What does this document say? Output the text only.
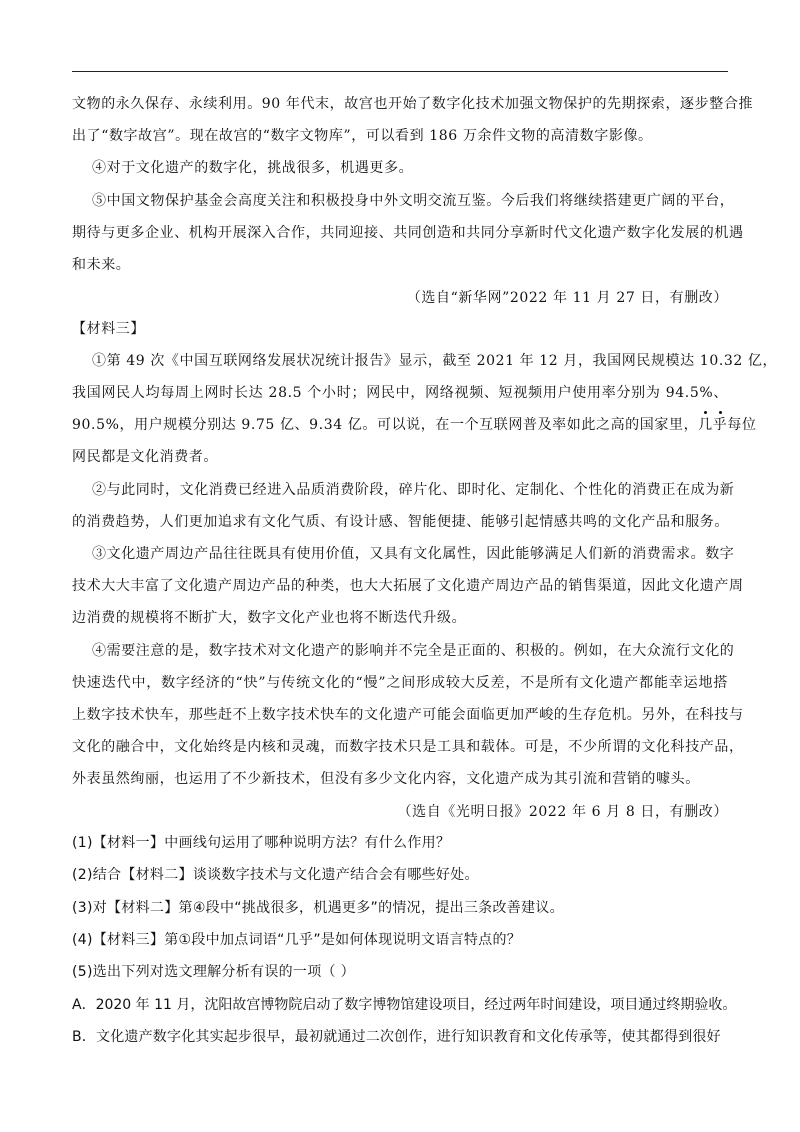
文物的永久保存、永续利用。90 年代末，故宫也开始了数字化技术加强文物保护的先期探索，逐步整合推
出了“数字故宫”。现在故宫的“数字文物库”，可以看到 186 万余件文物的高清数字影像。
④对于文化遗产的数字化，挑战很多，机遇更多。
⑤中国文物保护基金会高度关注和积极投身中外文明交流互鉴。今后我们将继续搭建更广阔的平台，
期待与更多企业、机构开展深入合作，共同迎接、共同创造和共同分享新时代文化遗产数字化发展的机遇
和未来。
（选自“新华网”2022 年 11 月 27 日，有删改）
【材料三】
①第 49 次《中国互联网络发展状况统计报告》显示，截至 2021 年 12 月，我国网民规模达 10.32 亿，
我国网民人均每周上网时长达 28.5 个小时；网民中，网络视频、短视频用户使用率分别为 94.5%、
90.5%，用户规模分别达 9.75 亿、9.34 亿。可以说，在一个互联网普及率如此之高的国家里，几乎每位
网民都是文化消费者。
②与此同时，文化消费已经进入品质消费阶段，碎片化、即时化、定制化、个性化的消费正在成为新
的消费趋势，人们更加追求有文化气质、有设计感、智能便捷、能够引起情感共鸣的文化产品和服务。
③文化遗产周边产品往往既具有使用价值，又具有文化属性，因此能够满足人们新的消费需求。数字
技术大大丰富了文化遗产周边产品的种类，也大大拓展了文化遗产周边产品的销售渠道，因此文化遗产周
边消费的规模将不断扩大，数字文化产业也将不断迭代升级。
④需要注意的是，数字技术对文化遗产的影响并不完全是正面的、积极的。例如，在大众流行文化的
快速迭代中，数字经济的“快”与传统文化的“慢”之间形成较大反差，不是所有文化遗产都能幸运地搭
上数字技术快车，那些赶不上数字技术快车的文化遗产可能会面临更加严峻的生存危机。另外，在科技与
文化的融合中，文化始终是内核和灵魂，而数字技术只是工具和载体。可是，不少所谓的文化科技产品，
外表虽然绚丽，也运用了不少新技术，但没有多少文化内容，文化遗产成为其引流和营销的噱头。
（选自《光明日报》2022 年 6 月 8 日，有删改）
(1)【材料一】中画线句运用了哪种说明方法？有什么作用？
(2)结合【材料二】谈谈数字技术与文化遗产结合会有哪些好处。
(3)对【材料二】第④段中“挑战很多，机遇更多”的情况，提出三条改善建议。
(4)【材料三】第①段中加点词语“几乎”是如何体现说明文语言特点的？
(5)选出下列对选文理解分析有误的一项（ ）
A．2020 年 11 月，沈阳故宫博物院启动了数字博物馆建设项目，经过两年时间建设，项目通过终期验收。
B．文化遗产数字化其实起步很早，最初就通过二次创作，进行知识教育和文化传承等，使其都得到很好
